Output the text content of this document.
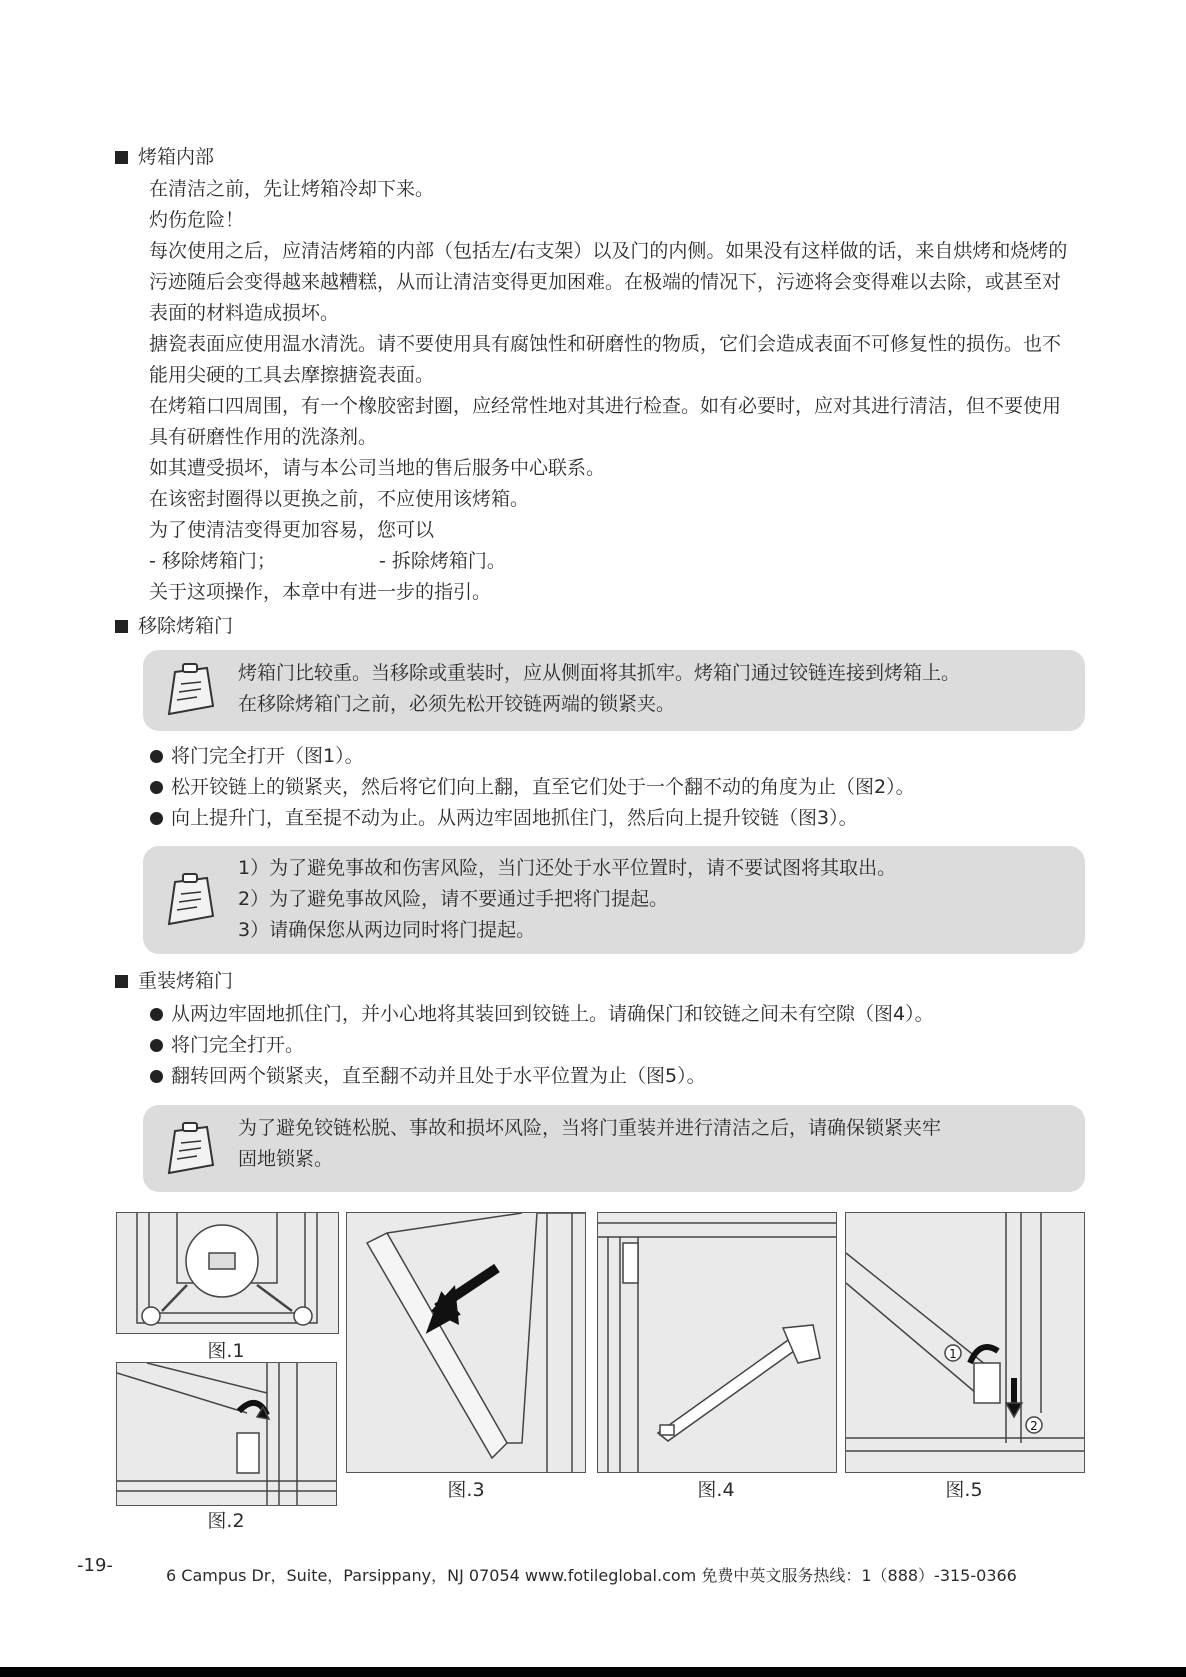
烤箱内部

在清洁之前，先让烤箱冷却下来。

灼伤危险！

每次使用之后，应清洁烤箱的内部（包括左/右支架）以及门的内侧。如果没有这样做的话，来自烘烤和烧烤的污迹随后会变得越来越糟糕，从而让清洁变得更加困难。在极端的情况下，污迹将会变得难以去除，或甚至对表面的材料造成损坏。

搪瓷表面应使用温水清洗。请不要使用具有腐蚀性和研磨性的物质，它们会造成表面不可修复性的损伤。也不能用尖硬的工具去摩擦搪瓷表面。

在烤箱口四周围，有一个橡胶密封圈，应经常性地对其进行检查。如有必要时，应对其进行清洁，但不要使用具有研磨性作用的洗涤剂。

如其遭受损坏，请与本公司当地的售后服务中心联系。

在该密封圈得以更换之前，不应使用该烤箱。

为了使清洁变得更加容易，您可以

- 移除烤箱门；	- 拆除烤箱门。

关于这项操作，本章中有进一步的指引。

移除烤箱门
烤箱门比较重。当移除或重装时，应从侧面将其抓牢。烤箱门通过铰链连接到烤箱上。
在移除烤箱门之前，必须先松开铰链两端的锁紧夹。
将门完全打开（图1）。
松开铰链上的锁紧夹，然后将它们向上翻，直至它们处于一个翻不动的角度为止（图2）。
向上提升门，直至提不动为止。从两边牢固地抓住门，然后向上提升铰链（图3）。
1）为了避免事故和伤害风险，当门还处于水平位置时，请不要试图将其取出。
2）为了避免事故风险，请不要通过手把将门提起。
3）请确保您从两边同时将门提起。
重装烤箱门
从两边牢固地抓住门，并小心地将其装回到铰链上。请确保门和铰链之间未有空隙（图4）。
将门完全打开。
翻转回两个锁紧夹，直至翻不动并且处于水平位置为止（图5）。
为了避免铰链松脱、事故和损坏风险，当将门重装并进行清洁之后，请确保锁紧夹牢
固地锁紧。
图.1
图.2
图.3	图.4
1
2
图.5
-19-	6 Campus Dr，Suite，Parsippany，NJ 07054 www.fotileglobal.com 免费中英文服务热线：1（888）-315-0366
